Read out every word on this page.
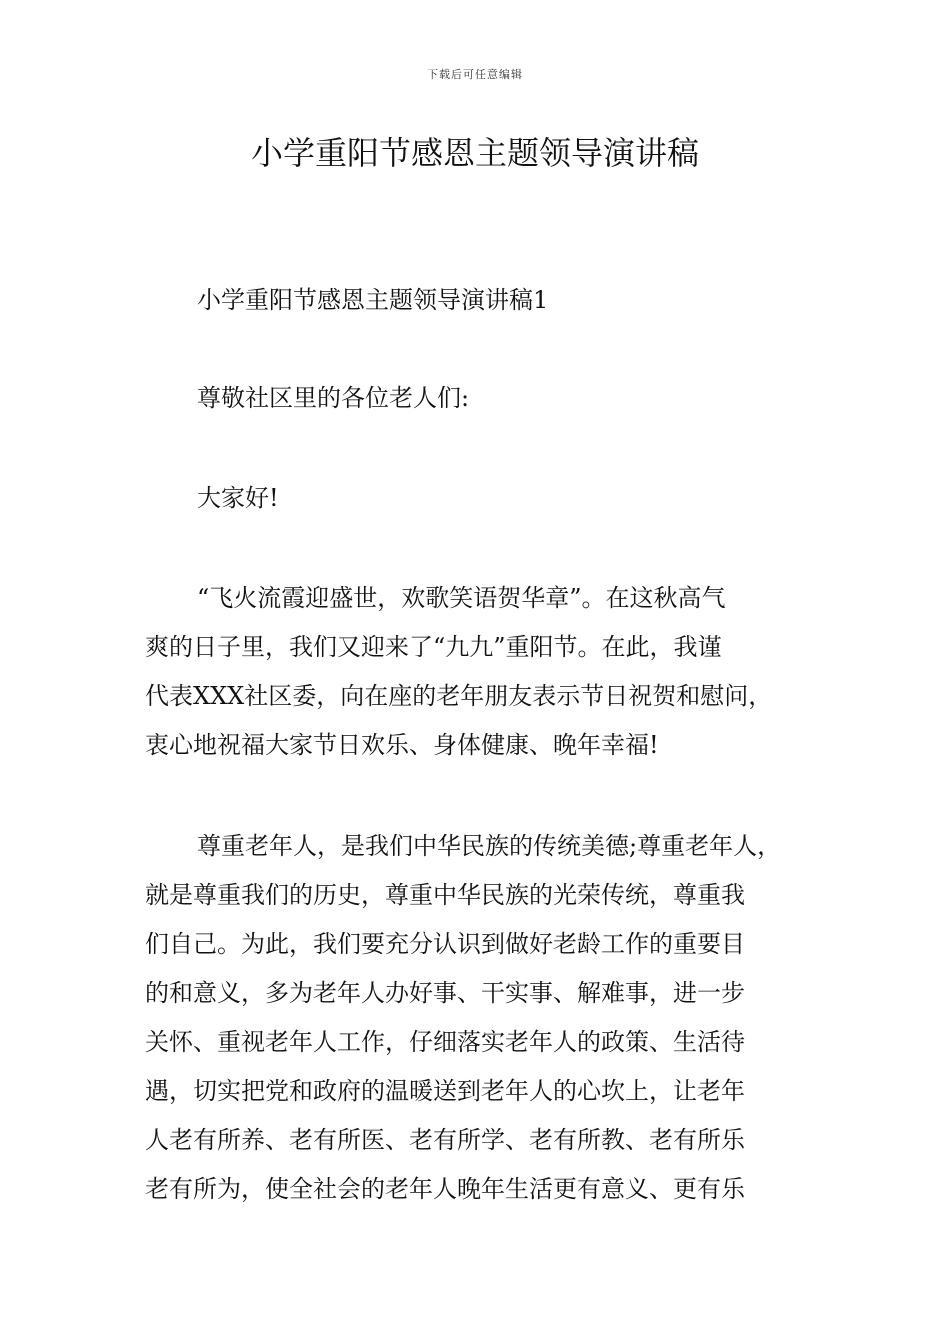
下载后可任意编辑
小学重阳节感恩主题领导演讲稿

小学重阳节感恩主题领导演讲稿1

尊敬社区里的各位老人们:

大家好!

“飞火流霞迎盛世，欢歌笑语贺华章”。在这秋高气
爽的日子里，我们又迎来了“九九”重阳节。在此，我谨
代表XXX社区委，向在座的老年朋友表示节日祝贺和慰问，
衷心地祝福大家节日欢乐、身体健康、晚年幸福!

尊重老年人，是我们中华民族的传统美德;尊重老年人，
就是尊重我们的历史，尊重中华民族的光荣传统，尊重我
们自己。为此，我们要充分认识到做好老龄工作的重要目
的和意义，多为老年人办好事、干实事、解难事，进一步
关怀、重视老年人工作，仔细落实老年人的政策、生活待
遇，切实把党和政府的温暖送到老年人的心坎上，让老年
人老有所养、老有所医、老有所学、老有所教、老有所乐
老有所为，使全社会的老年人晚年生活更有意义、更有乐
